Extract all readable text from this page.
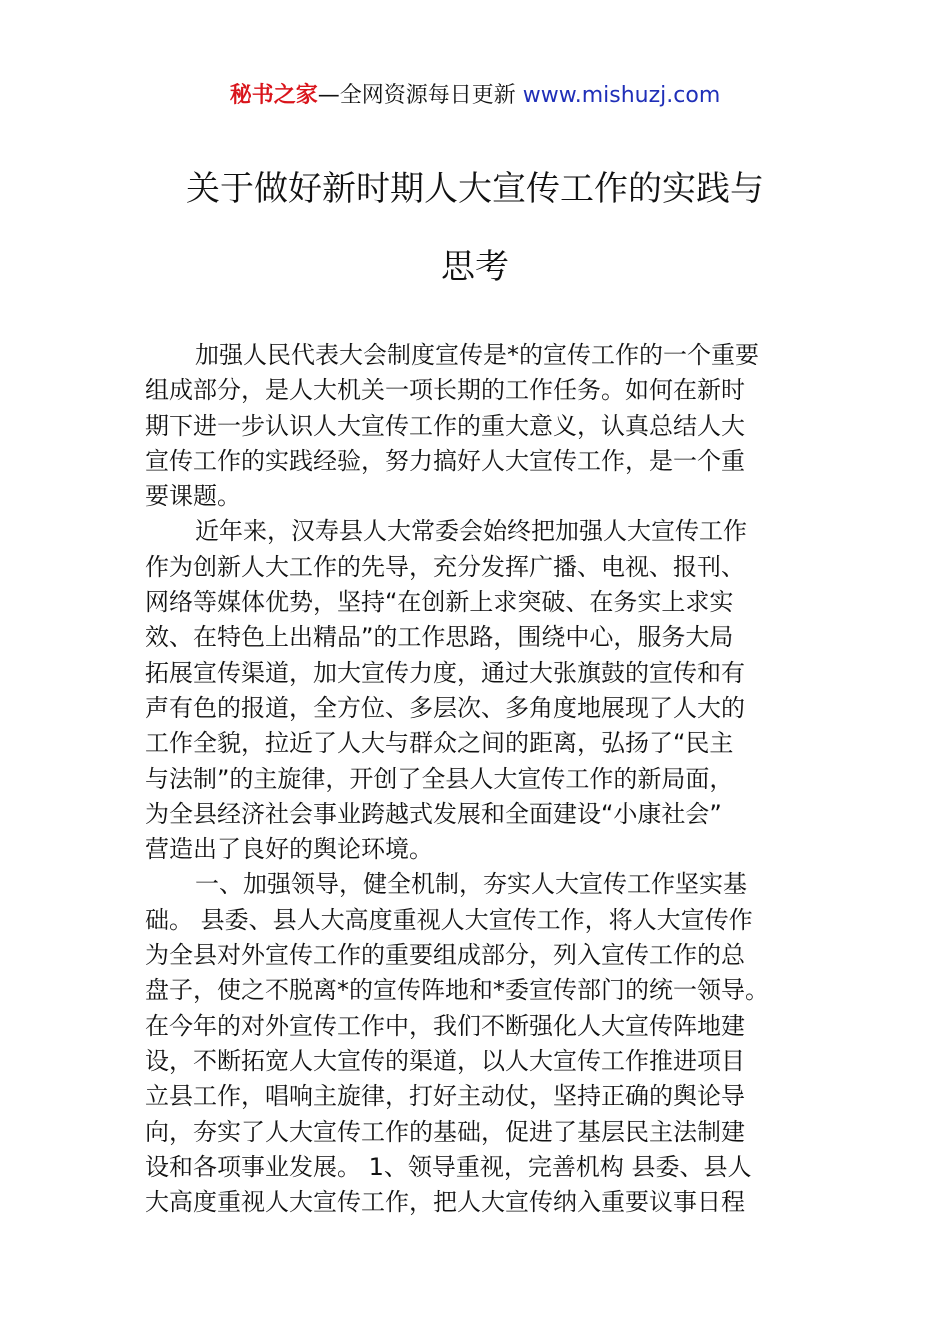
秘书之家—全网资源每日更新 www.mishuzj.com
关于做好新时期人大宣传工作的实践与
思考

加强人民代表大会制度宣传是*的宣传工作的一个重要
组成部分，是人大机关一项长期的工作任务。如何在新时
期下进一步认识人大宣传工作的重大意义，认真总结人大
宣传工作的实践经验，努力搞好人大宣传工作，是一个重
要课题。

近年来，汉寿县人大常委会始终把加强人大宣传工作
作为创新人大工作的先导，充分发挥广播、电视、报刊、
网络等媒体优势，坚持“在创新上求突破、在务实上求实
效、在特色上出精品”的工作思路，围绕中心，服务大局
拓展宣传渠道，加大宣传力度，通过大张旗鼓的宣传和有
声有色的报道，全方位、多层次、多角度地展现了人大的
工作全貌，拉近了人大与群众之间的距离，弘扬了“民主
与法制”的主旋律，开创了全县人大宣传工作的新局面，
为全县经济社会事业跨越式发展和全面建设“小康社会”
营造出了良好的舆论环境。

一、加强领导，健全机制，夯实人大宣传工作坚实基
础。 县委、县人大高度重视人大宣传工作，将人大宣传作
为全县对外宣传工作的重要组成部分，列入宣传工作的总
盘子，使之不脱离*的宣传阵地和*委宣传部门的统一领导。
在今年的对外宣传工作中，我们不断强化人大宣传阵地建
设，不断拓宽人大宣传的渠道，以人大宣传工作推进项目
立县工作，唱响主旋律，打好主动仗，坚持正确的舆论导
向，夯实了人大宣传工作的基础，促进了基层民主法制建
设和各项事业发展。 1、领导重视，完善机构 县委、县人
大高度重视人大宣传工作，把人大宣传纳入重要议事日程
